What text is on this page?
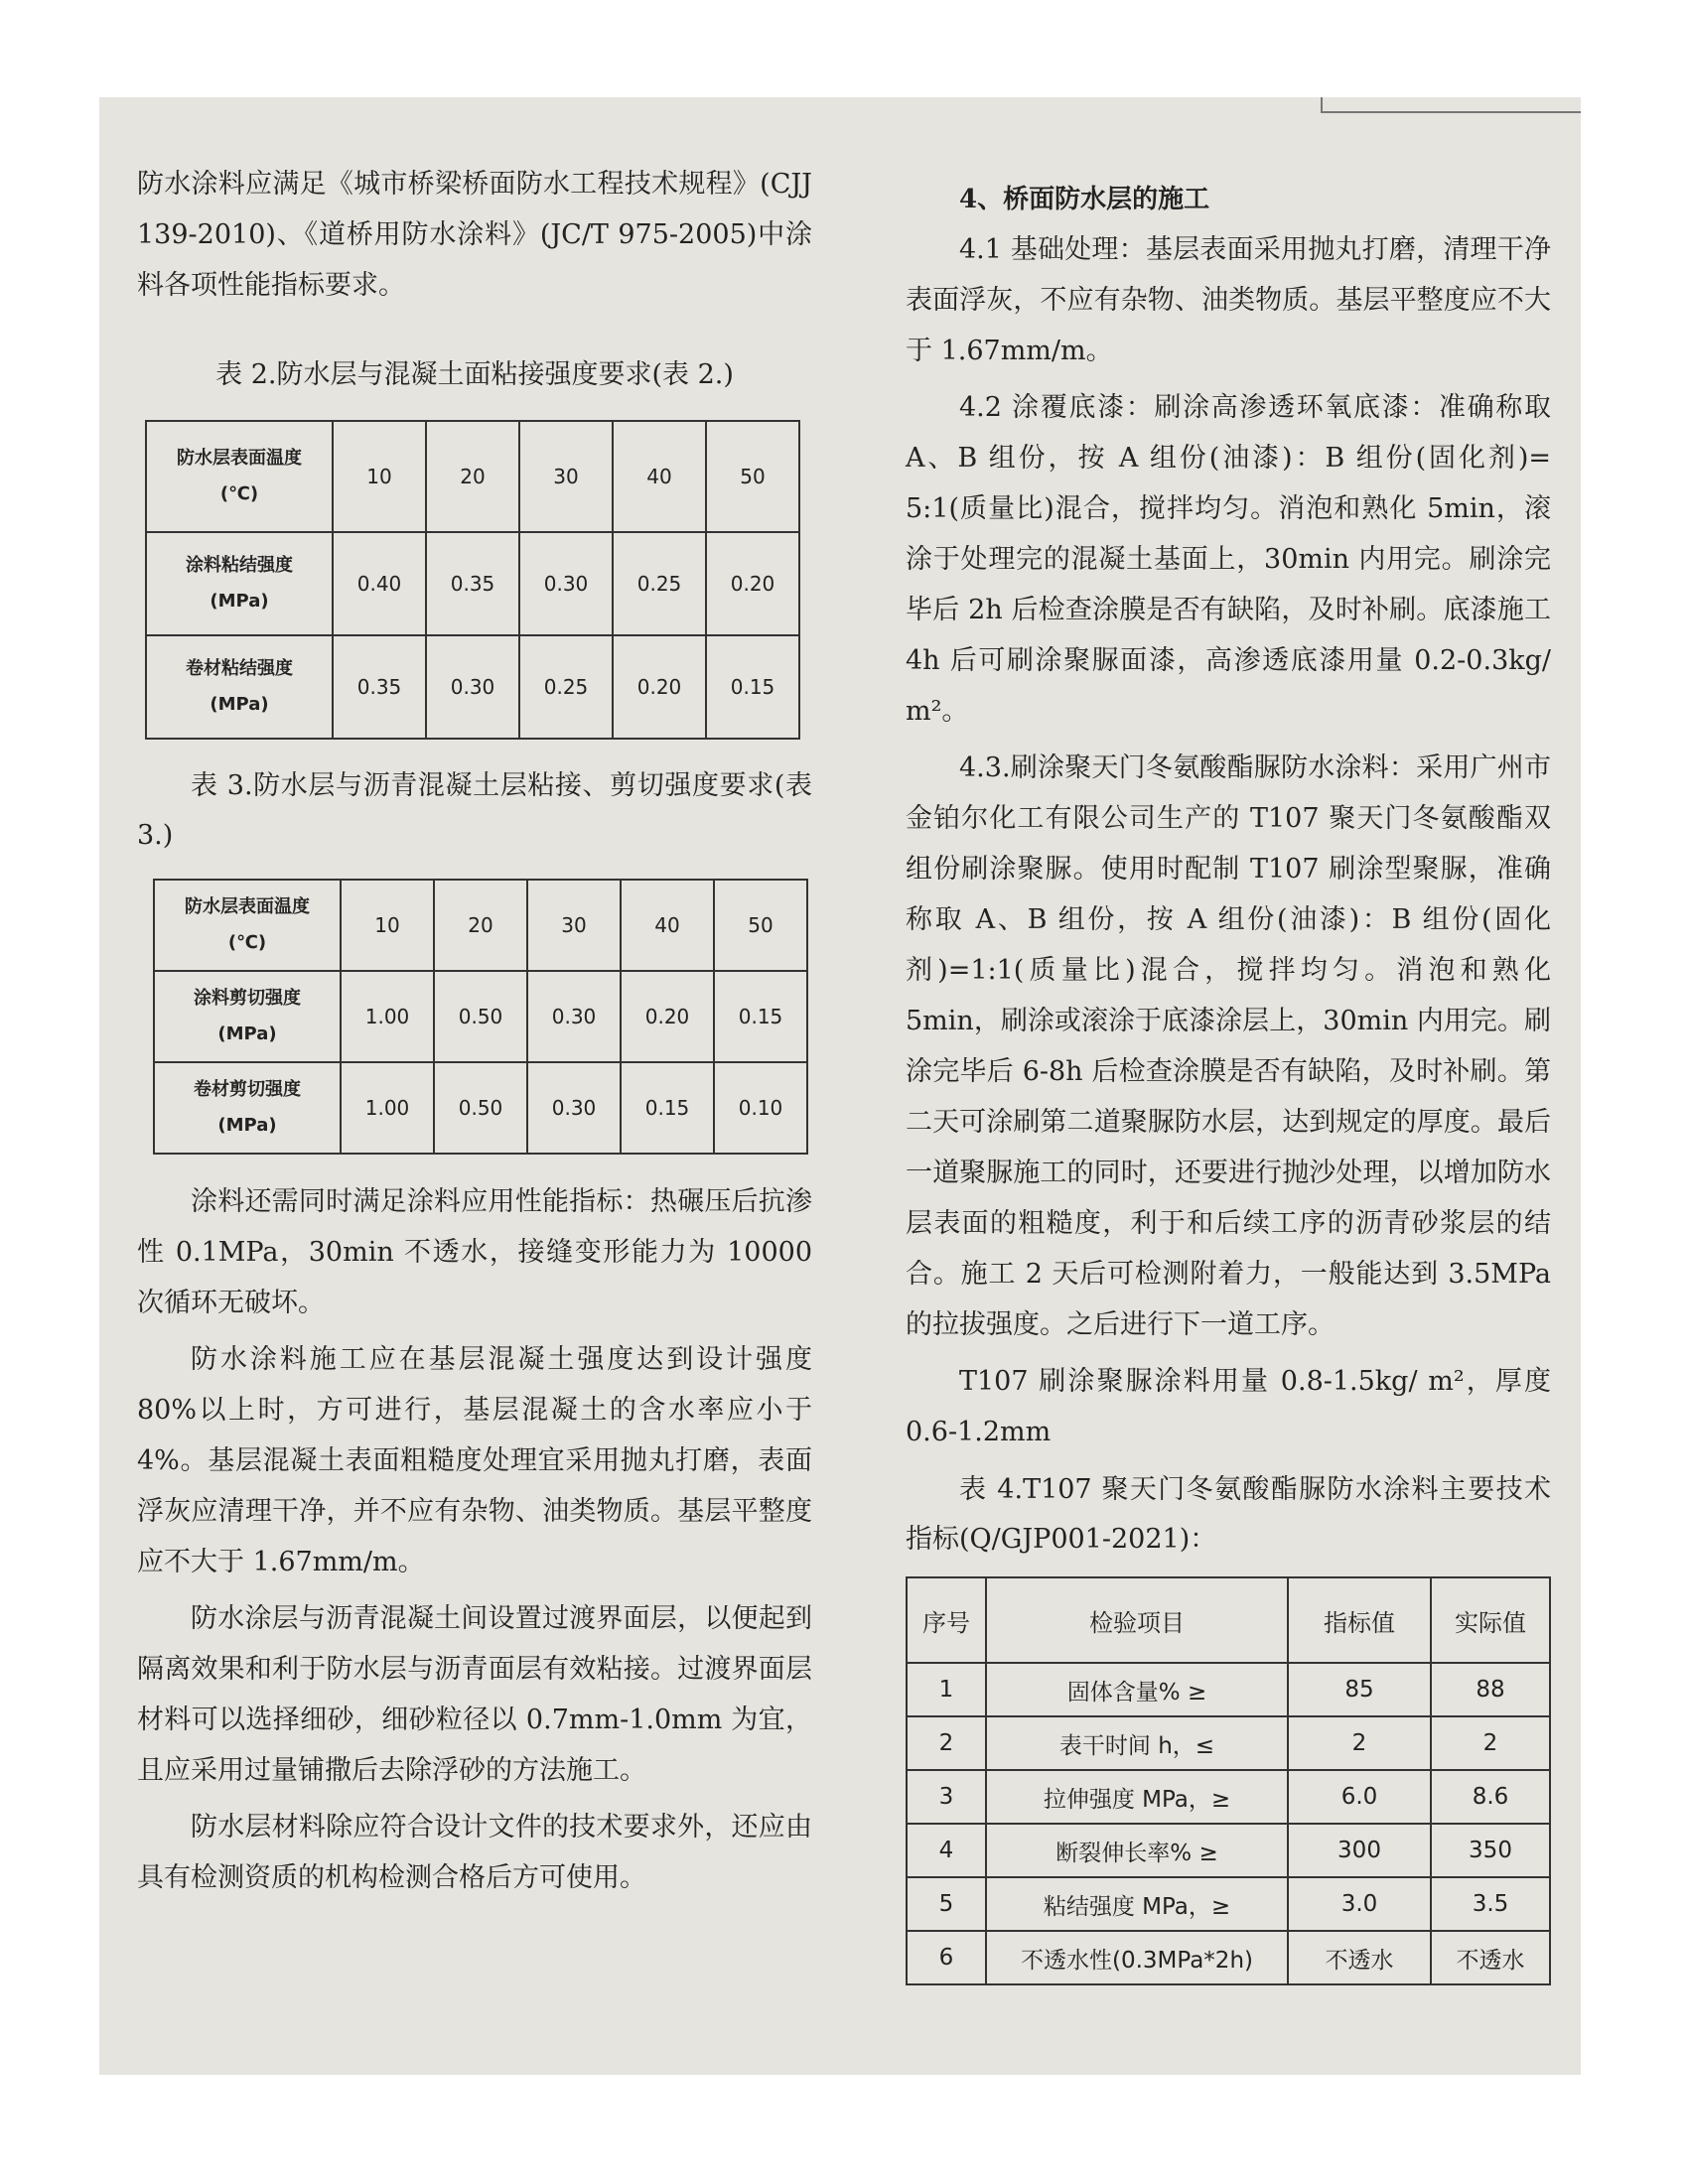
防水涂料应满足《城市桥梁桥面防水工程技术规程》(CJJ 139-2010)、《道桥用防水涂料》(JC/T 975-2005)中涂料各项性能指标要求。

表 2.防水层与混凝土面粘接强度要求(表 2.)

防水层表面温度
(℃)	10	20	30	40	50
涂料粘结强度
(MPa)	0.40	0.35	0.30	0.25	0.20
卷材粘结强度
(MPa)	0.35	0.30	0.25	0.20	0.15

表 3.防水层与沥青混凝土层粘接、剪切强度要求(表 3.)

防水层表面温度
(℃)	10	20	30	40	50
涂料剪切强度
(MPa)	1.00	0.50	0.30	0.20	0.15
卷材剪切强度
(MPa)	1.00	0.50	0.30	0.15	0.10

涂料还需同时满足涂料应用性能指标：热碾压后抗渗性 0.1MPa，30min 不透水，接缝变形能力为 10000 次循环无破坏。

防水涂料施工应在基层混凝土强度达到设计强度 80%以上时，方可进行，基层混凝土的含水率应小于 4%。基层混凝土表面粗糙度处理宜采用抛丸打磨，表面浮灰应清理干净，并不应有杂物、油类物质。基层平整度应不大于 1.67mm/m。

防水涂层与沥青混凝土间设置过渡界面层，以便起到隔离效果和利于防水层与沥青面层有效粘接。过渡界面层材料可以选择细砂，细砂粒径以 0.7mm-1.0mm 为宜，且应采用过量铺撒后去除浮砂的方法施工。

防水层材料除应符合设计文件的技术要求外，还应由具有检测资质的机构检测合格后方可使用。

4、桥面防水层的施工

4.1 基础处理：基层表面采用抛丸打磨，清理干净表面浮灰，不应有杂物、油类物质。基层平整度应不大于 1.67mm/m。

4.2 涂覆底漆：刷涂高渗透环氧底漆：准确称取 A、B 组份，按 A 组份(油漆)：B 组份(固化剂)= 5:1(质量比)混合，搅拌均匀。消泡和熟化 5min，滚涂于处理完的混凝土基面上，30min 内用完。刷涂完毕后 2h 后检查涂膜是否有缺陷，及时补刷。底漆施工 4h 后可刷涂聚脲面漆，高渗透底漆用量 0.2-0.3kg/ m²。

4.3.刷涂聚天门冬氨酸酯脲防水涂料：采用广州市金铂尔化工有限公司生产的 T107 聚天门冬氨酸酯双组份刷涂聚脲。使用时配制 T107 刷涂型聚脲，准确称取 A、B 组份，按 A 组份(油漆)：B 组份(固化剂)=1:1(质量比)混合，搅拌均匀。消泡和熟化 5min，刷涂或滚涂于底漆涂层上，30min 内用完。刷涂完毕后 6-8h 后检查涂膜是否有缺陷，及时补刷。第二天可涂刷第二道聚脲防水层，达到规定的厚度。最后一道聚脲施工的同时，还要进行抛沙处理，以增加防水层表面的粗糙度，利于和后续工序的沥青砂浆层的结合。施工 2 天后可检测附着力，一般能达到 3.5MPa 的拉拔强度。之后进行下一道工序。

T107 刷涂聚脲涂料用量 0.8-1.5kg/ m²，厚度 0.6-1.2mm

表 4.T107 聚天门冬氨酸酯脲防水涂料主要技术指标(Q/GJP001-2021)：

序号	检验项目	指标值	实际值
1	固体含量% ≥	85	88
2	表干时间 h，≤	2	2
3	拉伸强度 MPa，≥	6.0	8.6
4	断裂伸长率% ≥	300	350
5	粘结强度 MPa，≥	3.0	3.5
6	不透水性(0.3MPa*2h)	不透水	不透水
